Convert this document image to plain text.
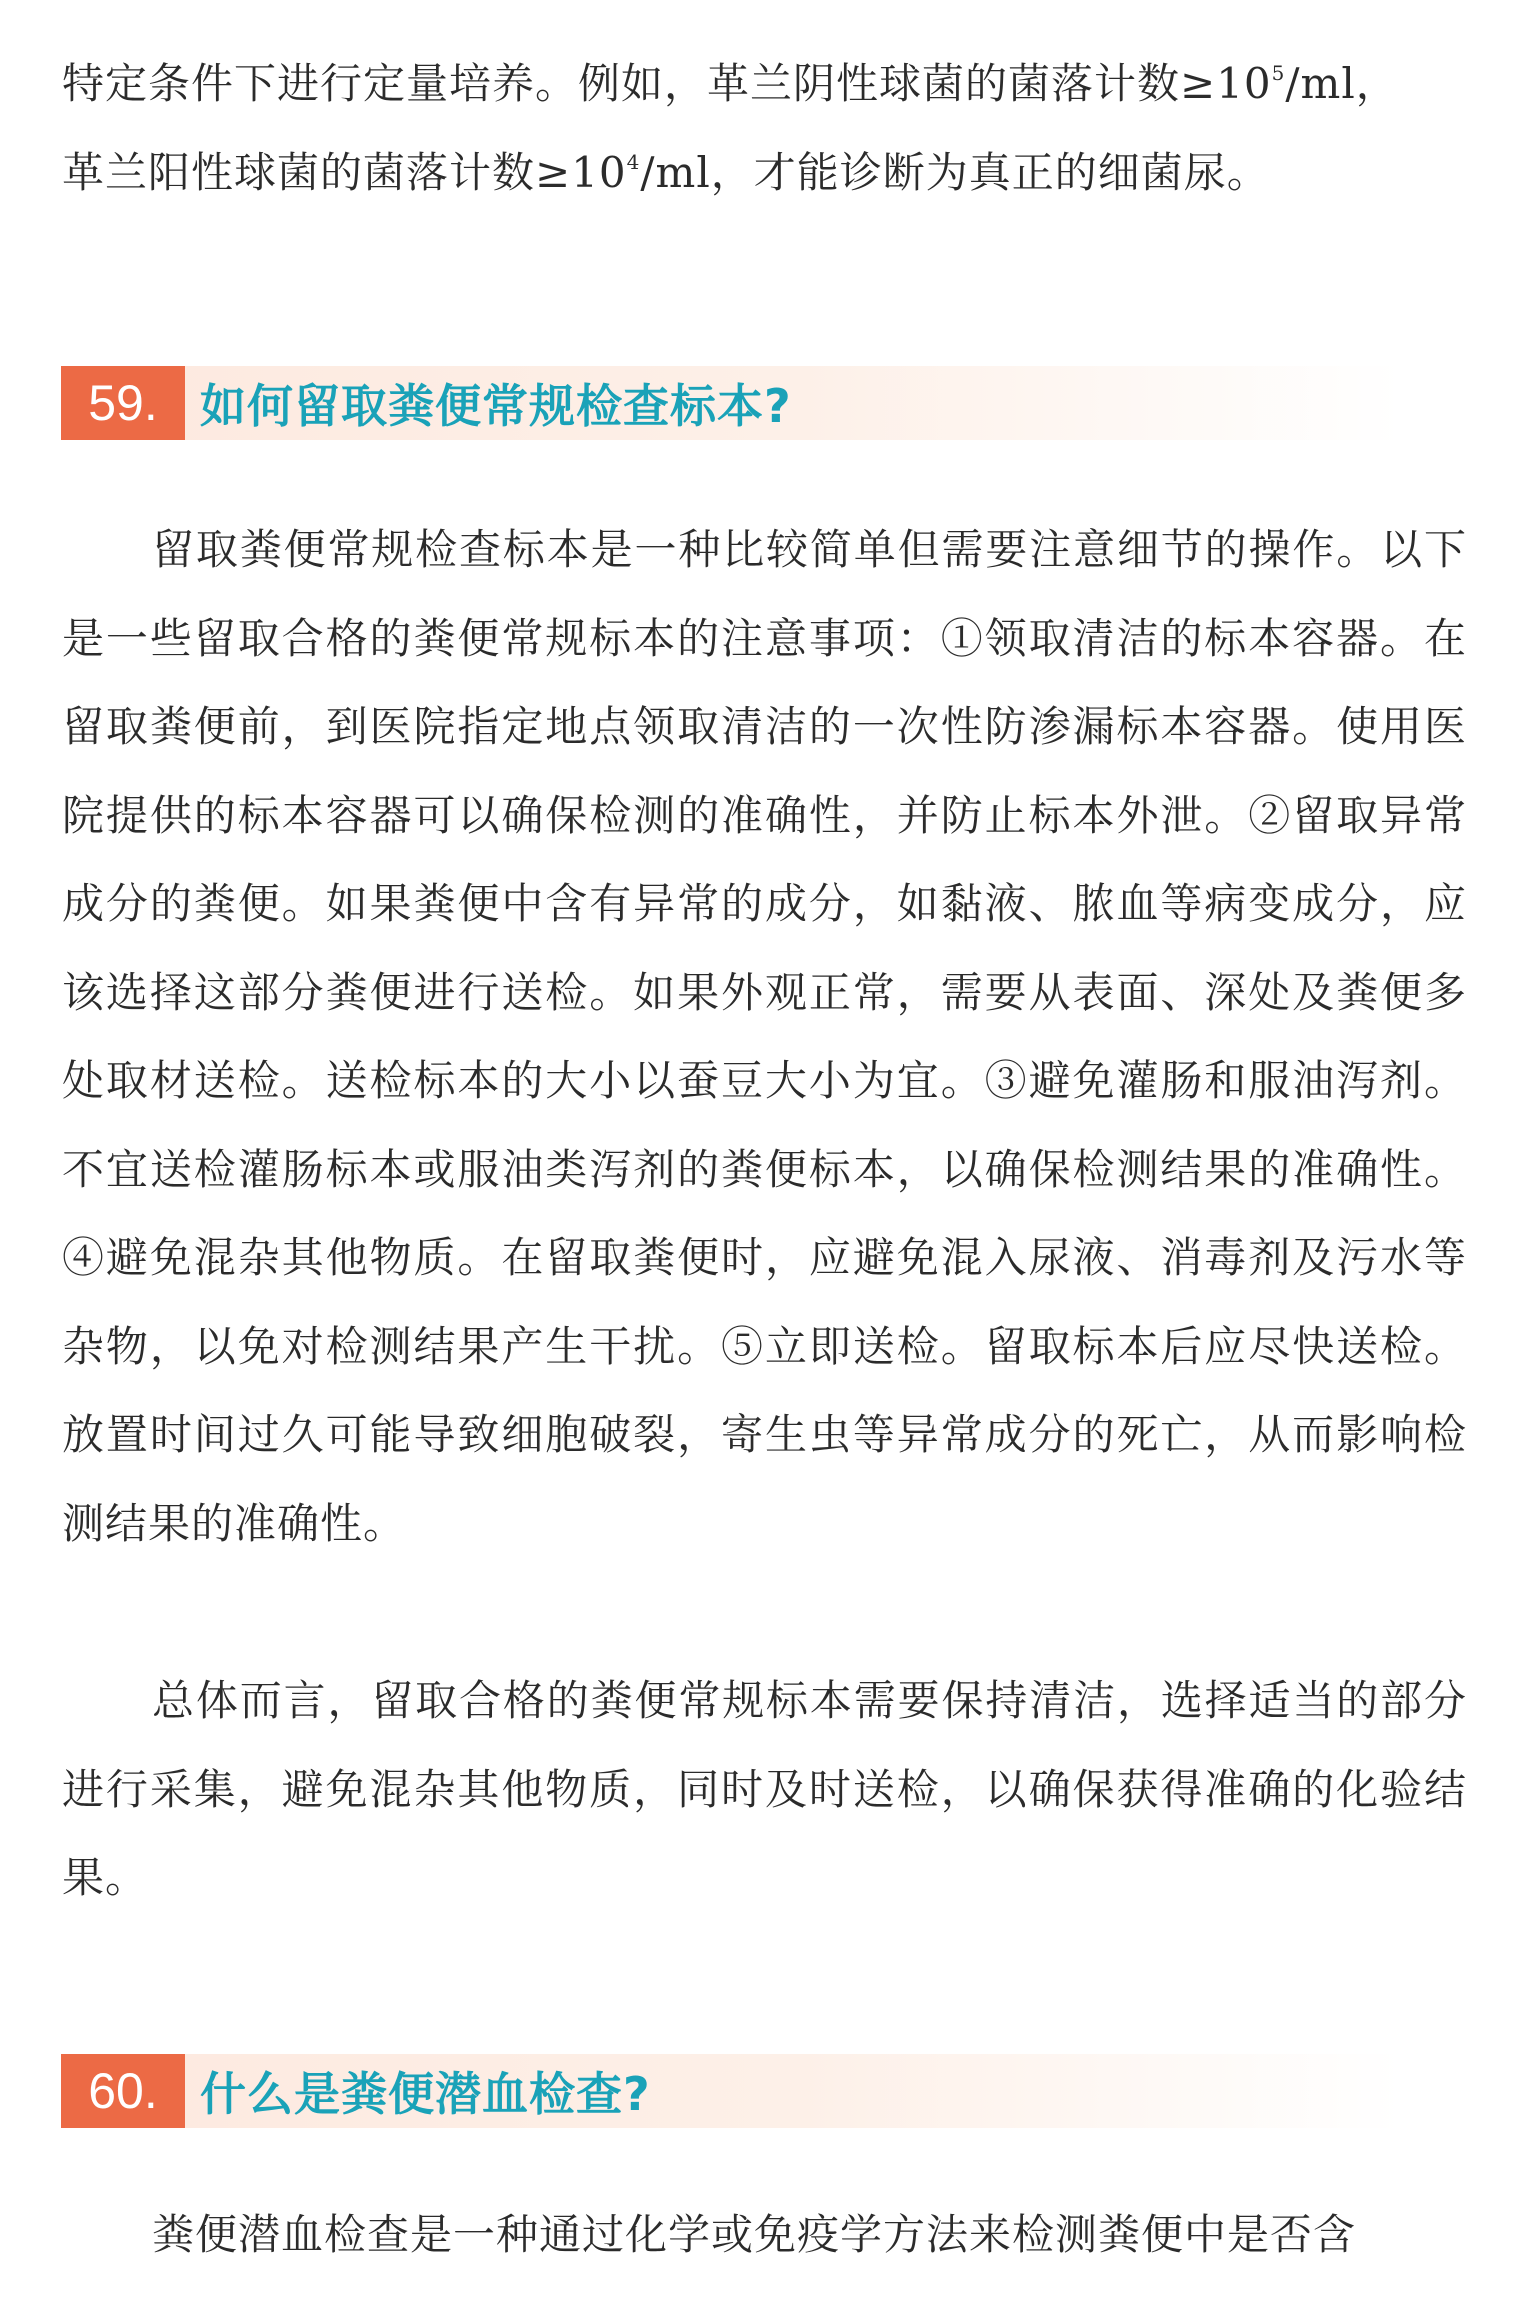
特定条件下进行定量培养。例如，革兰阴性球菌的菌落计数$\ge 10^5/ml$，
革兰阳性球菌的菌落计数$\ge 10^4/ml$，才能诊断为真正的细菌尿。

59. 如何留取粪便常规检查标本?

留取粪便常规检查标本是一种比较简单但需要注意细节的操作。以下是一些留取合格的粪便常规标本的注意事项：①领取清洁的标本容器。在留取粪便前，到医院指定地点领取清洁的一次性防渗漏标本容器。使用医院提供的标本容器可以确保检测的准确性，并防止标本外泄。②留取异常成分的粪便。如果粪便中含有异常的成分，如黏液、脓血等病变成分，应该选择这部分粪便进行送检。如果外观正常，需要从表面、深处及粪便多处取材送检。送检标本的大小以蚕豆大小为宜。③避免灌肠和服油泻剂。不宜送检灌肠标本或服油类泻剂的粪便标本，以确保检测结果的准确性。④避免混杂其他物质。在留取粪便时，应避免混入尿液、消毒剂及污水等杂物，以免对检测结果产生干扰。⑤立即送检。留取标本后应尽快送检。放置时间过久可能导致细胞破裂，寄生虫等异常成分的死亡，从而影响检测结果的准确性。

总体而言，留取合格的粪便常规标本需要保持清洁，选择适当的部分进行采集，避免混杂其他物质，同时及时送检，以确保获得准确的化验结果。

60. 什么是粪便潜血检查?

粪便潜血检查是一种通过化学或免疫学方法来检测粪便中是否含
